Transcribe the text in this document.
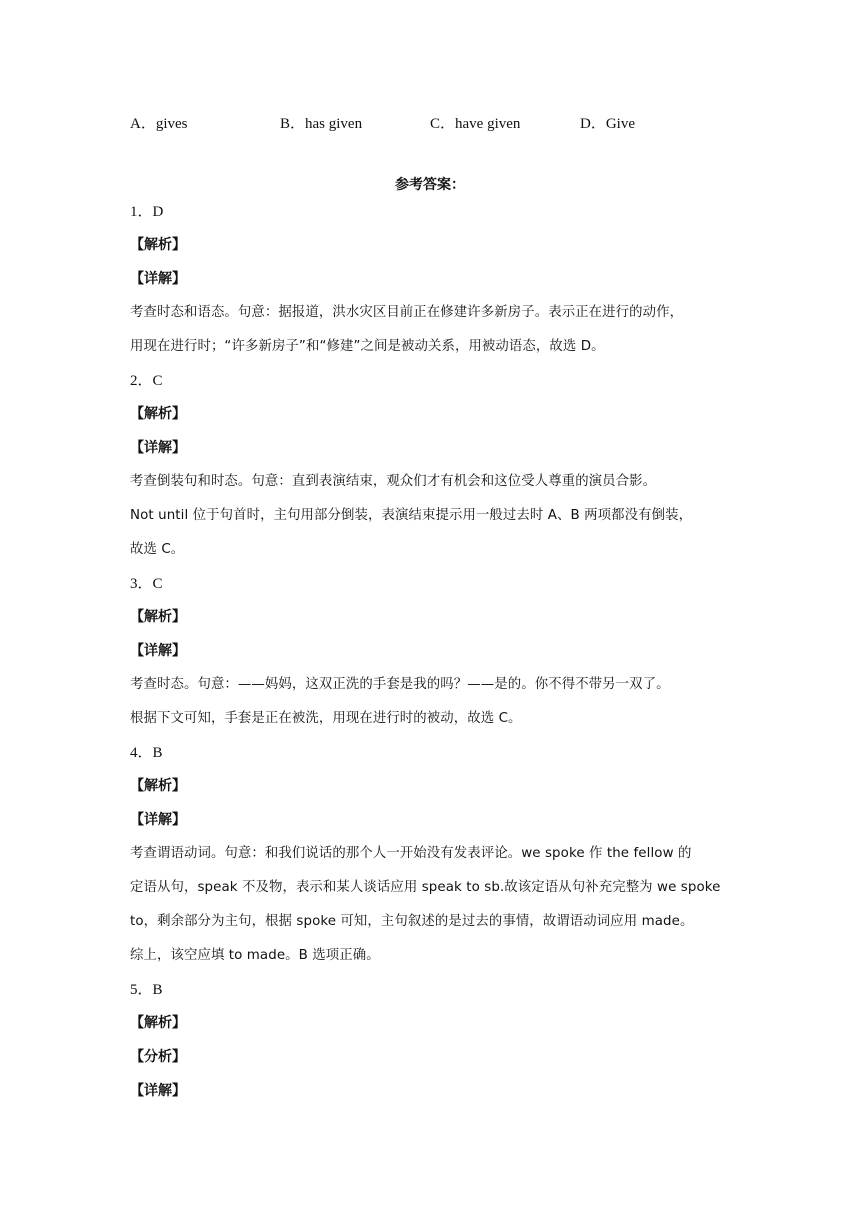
A．gives	B．has given	C．have given	D．Give
参考答案：
1．D
【解析】
【详解】
考查时态和语态。句意：据报道，洪水灾区目前正在修建许多新房子。表示正在进行的动作，
用现在进行时；“许多新房子”和“修建”之间是被动关系，用被动语态，故选 D。
2．C
【解析】
【详解】
考查倒装句和时态。句意：直到表演结束，观众们才有机会和这位受人尊重的演员合影。
Not until 位于句首时，主句用部分倒装，表演结束提示用一般过去时 A、B 两项都没有倒装，
故选 C。
3．C
【解析】
【详解】
考查时态。句意：——妈妈，这双正洗的手套是我的吗？——是的。你不得不带另一双了。
根据下文可知，手套是正在被洗，用现在进行时的被动，故选 C。
4．B
【解析】
【详解】
考查谓语动词。句意：和我们说话的那个人一开始没有发表评论。we spoke 作 the fellow 的
定语从句，speak 不及物，表示和某人谈话应用 speak to sb.故该定语从句补充完整为 we spoke
to，剩余部分为主句，根据 spoke 可知，主句叙述的是过去的事情，故谓语动词应用 made。
综上，该空应填 to made。B 选项正确。
5．B
【解析】
【分析】
【详解】
